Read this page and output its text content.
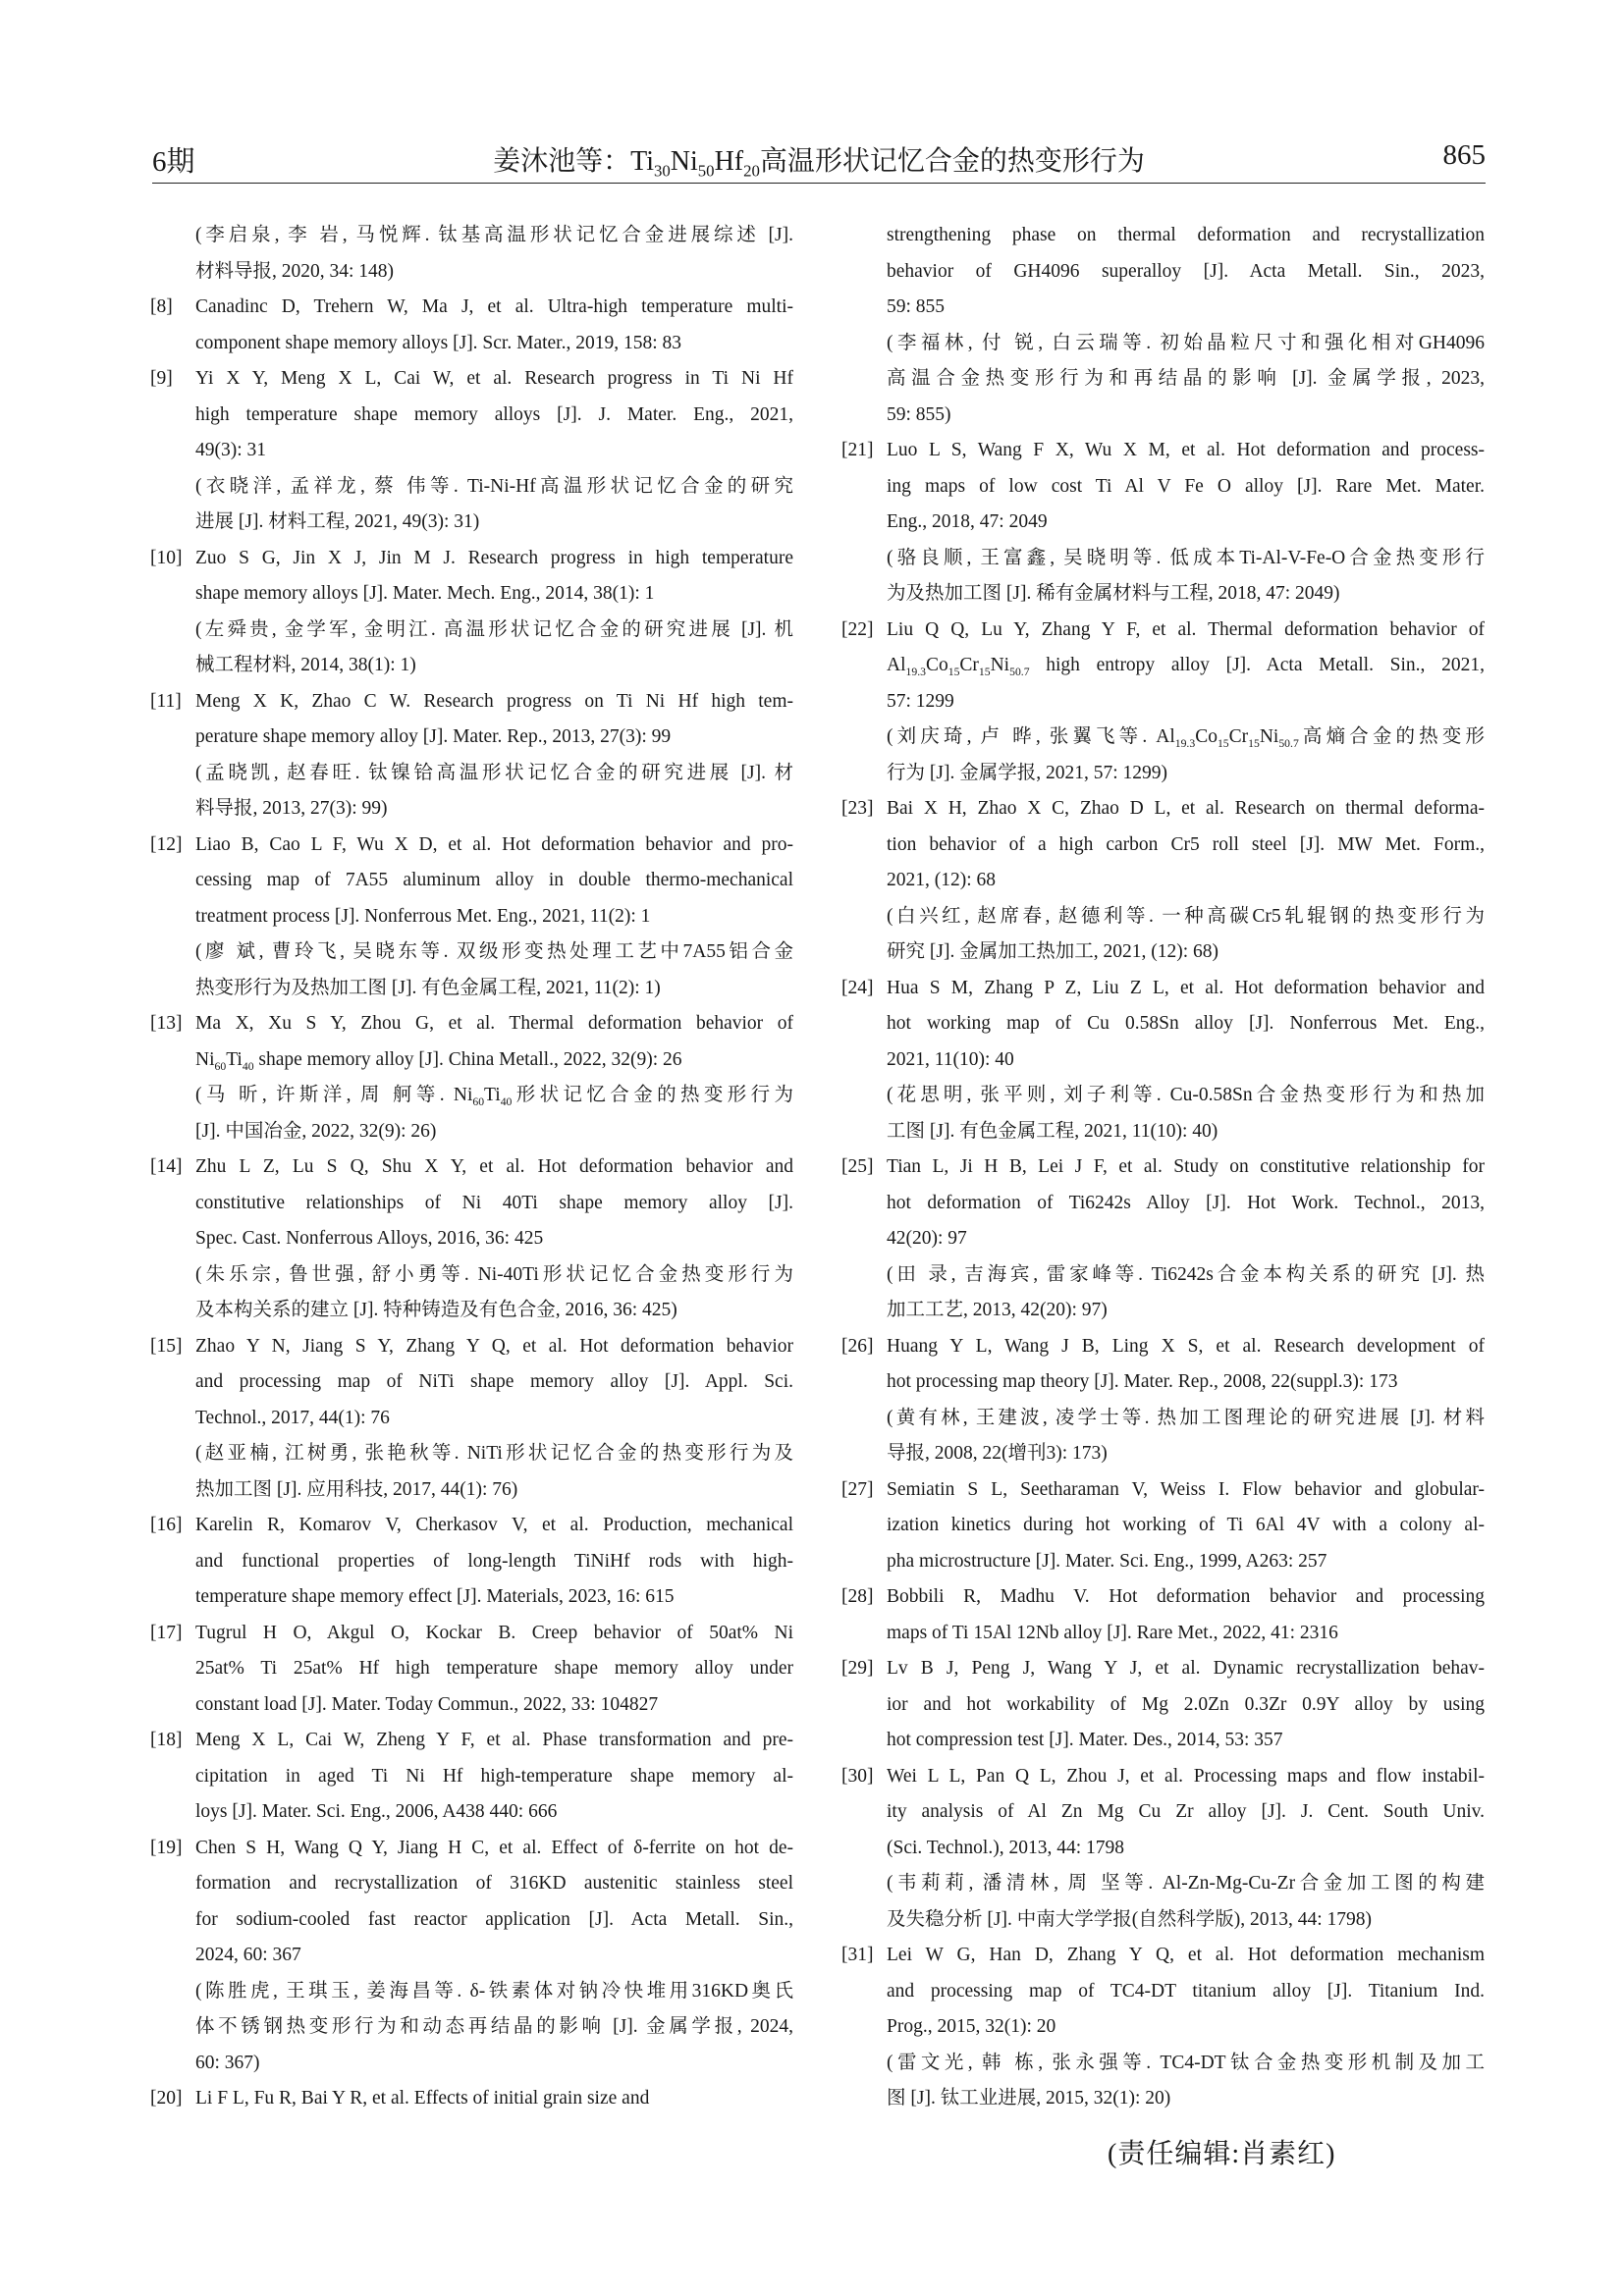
6期	姜沐池等：$Ti_{30}Ni_{50}Hf_{20}$高温形状记忆合金的热变形行为	865
(李启泉, 李 岩, 马悦辉. 钛基高温形状记忆合金进展综述 [J].
材料导报, 2020, 34: 148)
[8] Canadinc D, Trehern W, Ma J, et al. Ultra-high temperature multi-
component shape memory alloys [J]. Scr. Mater., 2019, 158: 83
[9] Yi X Y, Meng X L, Cai W, et al. Research progress in Ti Ni Hf
high temperature shape memory alloys [J]. J. Mater. Eng., 2021,
49(3): 31
(衣晓洋, 孟祥龙, 蔡 伟等. Ti-Ni-Hf高温形状记忆合金的研究
进展 [J]. 材料工程, 2021, 49(3): 31)
[10] Zuo S G, Jin X J, Jin M J. Research progress in high temperature
shape memory alloys [J]. Mater. Mech. Eng., 2014, 38(1): 1
(左舜贵, 金学军, 金明江. 高温形状记忆合金的研究进展 [J]. 机
械工程材料, 2014, 38(1): 1)
[11] Meng X K, Zhao C W. Research progress on Ti Ni Hf high tem-
perature shape memory alloy [J]. Mater. Rep., 2013, 27(3): 99
(孟晓凯, 赵春旺. 钛镍铪高温形状记忆合金的研究进展 [J]. 材
料导报, 2013, 27(3): 99)
[12] Liao B, Cao L F, Wu X D, et al. Hot deformation behavior and pro-
cessing map of 7A55 aluminum alloy in double thermo-mechanical
treatment process [J]. Nonferrous Met. Eng., 2021, 11(2): 1
(廖 斌, 曹玲飞, 吴晓东等. 双级形变热处理工艺中7A55铝合金
热变形行为及热加工图 [J]. 有色金属工程, 2021, 11(2): 1)
[13] Ma X, Xu S Y, Zhou G, et al. Thermal deformation behavior of
$Ni_{60}Ti_{40}$ shape memory alloy [J]. China Metall., 2022, 32(9): 26
(马 昕, 许斯洋, 周 舸等. $Ni_{60}Ti_{40}$形状记忆合金的热变形行为
[J]. 中国冶金, 2022, 32(9): 26)
[14] Zhu L Z, Lu S Q, Shu X Y, et al. Hot deformation behavior and
constitutive relationships of Ni 40Ti shape memory alloy [J].
Spec. Cast. Nonferrous Alloys, 2016, 36: 425
(朱乐宗, 鲁世强, 舒小勇等. Ni-40Ti形状记忆合金热变形行为
及本构关系的建立 [J]. 特种铸造及有色合金, 2016, 36: 425)
[15] Zhao Y N, Jiang S Y, Zhang Y Q, et al. Hot deformation behavior
and processing map of NiTi shape memory alloy [J]. Appl. Sci.
Technol., 2017, 44(1): 76
(赵亚楠, 江树勇, 张艳秋等. NiTi形状记忆合金的热变形行为及
热加工图 [J]. 应用科技, 2017, 44(1): 76)
[16] Karelin R, Komarov V, Cherkasov V, et al. Production, mechanical
and functional properties of long-length TiNiHf rods with high-
temperature shape memory effect [J]. Materials, 2023, 16: 615
[17] Tugrul H O, Akgul O, Kockar B. Creep behavior of 50at% Ni
25at% Ti 25at% Hf high temperature shape memory alloy under
constant load [J]. Mater. Today Commun., 2022, 33: 104827
[18] Meng X L, Cai W, Zheng Y F, et al. Phase transformation and pre-
cipitation in aged Ti Ni Hf high-temperature shape memory al-
loys [J]. Mater. Sci. Eng., 2006, A438 440: 666
[19] Chen S H, Wang Q Y, Jiang H C, et al. Effect of δ-ferrite on hot de-
formation and recrystallization of 316KD austenitic stainless steel
for sodium-cooled fast reactor application [J]. Acta Metall. Sin.,
2024, 60: 367
(陈胜虎, 王琪玉, 姜海昌等. δ-铁素体对钠冷快堆用316KD奥氏
体不锈钢热变形行为和动态再结晶的影响 [J]. 金属学报, 2024,
60: 367)
[20] Li F L, Fu R, Bai Y R, et al. Effects of initial grain size and
strengthening phase on thermal deformation and recrystallization
behavior of GH4096 superalloy [J]. Acta Metall. Sin., 2023,
59: 855
(李福林, 付 锐, 白云瑞等. 初始晶粒尺寸和强化相对GH4096
高温合金热变形行为和再结晶的影响 [J]. 金属学报, 2023,
59: 855)
[21] Luo L S, Wang F X, Wu X M, et al. Hot deformation and process-
ing maps of low cost Ti Al V Fe O alloy [J]. Rare Met. Mater.
Eng., 2018, 47: 2049
(骆良顺, 王富鑫, 吴晓明等. 低成本Ti-Al-V-Fe-O合金热变形行
为及热加工图 [J]. 稀有金属材料与工程, 2018, 47: 2049)
[22] Liu Q Q, Lu Y, Zhang Y F, et al. Thermal deformation behavior of
$Al_{19.3}Co_{15}Cr_{15}Ni_{50.7}$ high entropy alloy [J]. Acta Metall. Sin., 2021,
57: 1299
(刘庆琦, 卢 晔, 张翼飞等. $Al_{19.3}Co_{15}Cr_{15}Ni_{50.7}$高熵合金的热变形
行为 [J]. 金属学报, 2021, 57: 1299)
[23] Bai X H, Zhao X C, Zhao D L, et al. Research on thermal deforma-
tion behavior of a high carbon Cr5 roll steel [J]. MW Met. Form.,
2021, (12): 68
(白兴红, 赵席春, 赵德利等. 一种高碳Cr5轧辊钢的热变形行为
研究 [J]. 金属加工热加工, 2021, (12): 68)
[24] Hua S M, Zhang P Z, Liu Z L, et al. Hot deformation behavior and
hot working map of Cu 0.58Sn alloy [J]. Nonferrous Met. Eng.,
2021, 11(10): 40
(花思明, 张平则, 刘子利等. Cu-0.58Sn合金热变形行为和热加
工图 [J]. 有色金属工程, 2021, 11(10): 40)
[25] Tian L, Ji H B, Lei J F, et al. Study on constitutive relationship for
hot deformation of Ti6242s Alloy [J]. Hot Work. Technol., 2013,
42(20): 97
(田 录, 吉海宾, 雷家峰等. Ti6242s合金本构关系的研究 [J]. 热
加工工艺, 2013, 42(20): 97)
[26] Huang Y L, Wang J B, Ling X S, et al. Research development of
hot processing map theory [J]. Mater. Rep., 2008, 22(suppl.3): 173
(黄有林, 王建波, 凌学士等. 热加工图理论的研究进展 [J]. 材料
导报, 2008, 22(增刊3): 173)
[27] Semiatin S L, Seetharaman V, Weiss I. Flow behavior and globular-
ization kinetics during hot working of Ti 6Al 4V with a colony al-
pha microstructure [J]. Mater. Sci. Eng., 1999, A263: 257
[28] Bobbili R, Madhu V. Hot deformation behavior and processing
maps of Ti 15Al 12Nb alloy [J]. Rare Met., 2022, 41: 2316
[29] Lv B J, Peng J, Wang Y J, et al. Dynamic recrystallization behav-
ior and hot workability of Mg 2.0Zn 0.3Zr 0.9Y alloy by using
hot compression test [J]. Mater. Des., 2014, 53: 357
[30] Wei L L, Pan Q L, Zhou J, et al. Processing maps and flow instabil-
ity analysis of Al Zn Mg Cu Zr alloy [J]. J. Cent. South Univ.
(Sci. Technol.), 2013, 44: 1798
(韦莉莉, 潘清林, 周 坚等. Al-Zn-Mg-Cu-Zr合金加工图的构建
及失稳分析 [J]. 中南大学学报(自然科学版), 2013, 44: 1798)
[31] Lei W G, Han D, Zhang Y Q, et al. Hot deformation mechanism
and processing map of TC4-DT titanium alloy [J]. Titanium Ind.
Prog., 2015, 32(1): 20
(雷文光, 韩 栋, 张永强等. TC4-DT钛合金热变形机制及加工
图 [J]. 钛工业进展, 2015, 32(1): 20)
(责任编辑:肖素红)
